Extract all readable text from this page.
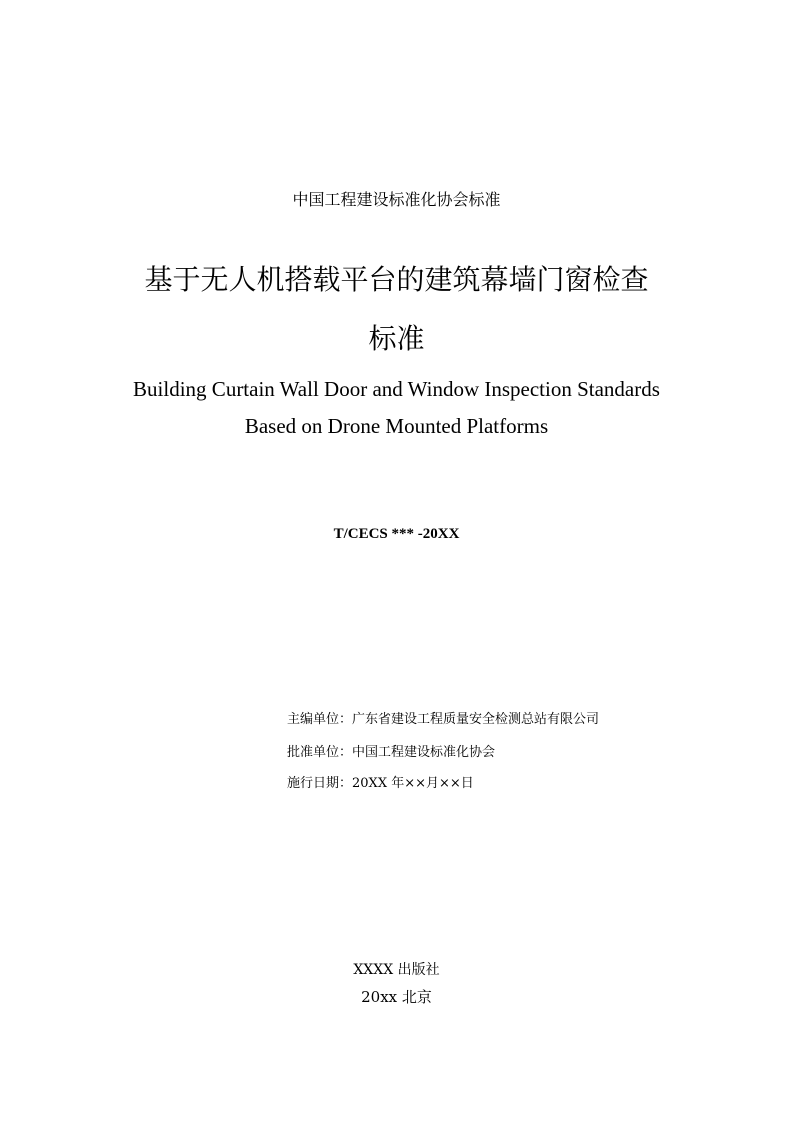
中国工程建设标准化协会标准
基于无人机搭载平台的建筑幕墙门窗检查
标准
Building Curtain Wall Door and Window Inspection Standards
Based on Drone Mounted Platforms
T/CECS *** -20XX
主编单位：广东省建设工程质量安全检测总站有限公司
批准单位：中国工程建设标准化协会
施行日期：20XX 年××月××日
XXXX 出版社
20xx 北京
